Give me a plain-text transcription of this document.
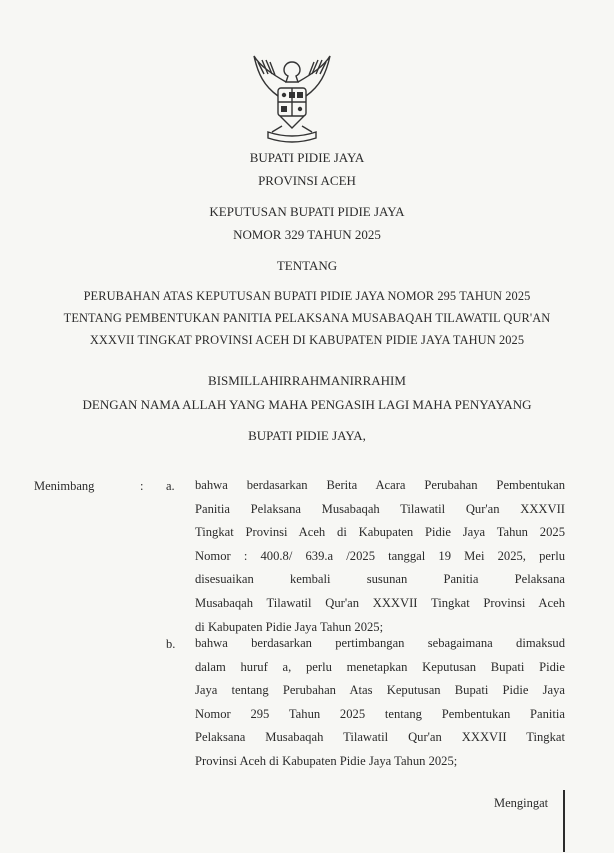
BUPATI PIDIE JAYA
PROVINSI ACEH
KEPUTUSAN BUPATI PIDIE JAYA
NOMOR 329 TAHUN 2025
TENTANG
PERUBAHAN ATAS KEPUTUSAN BUPATI PIDIE JAYA NOMOR 295 TAHUN 2025
TENTANG PEMBENTUKAN PANITIA PELAKSANA MUSABAQAH TILAWATIL QUR'AN
XXXVII TINGKAT PROVINSI ACEH DI KABUPATEN PIDIE JAYA TAHUN 2025
BISMILLAHIRRAHMANIRRAHIM
DENGAN NAMA ALLAH YANG MAHA PENGASIH LAGI MAHA PENYAYANG
BUPATI PIDIE JAYA,
Menimbang	: a. bahwa berdasarkan Berita Acara Perubahan Pembentukan
Panitia Pelaksana Musabaqah Tilawatil Qur'an XXXVII
Tingkat Provinsi Aceh di Kabupaten Pidie Jaya Tahun 2025
Nomor : 400.8/ 639.a /2025 tanggal 19 Mei 2025, perlu
disesuaikan kembali susunan Panitia Pelaksana
Musabaqah Tilawatil Qur'an XXXVII Tingkat Provinsi Aceh
di Kabupaten Pidie Jaya Tahun 2025;
b. bahwa berdasarkan pertimbangan sebagaimana dimaksud
dalam huruf a, perlu menetapkan Keputusan Bupati Pidie
Jaya tentang Perubahan Atas Keputusan Bupati Pidie Jaya
Nomor 295 Tahun 2025 tentang Pembentukan Panitia
Pelaksana Musabaqah Tilawatil Qur'an XXXVII Tingkat
Provinsi Aceh di Kabupaten Pidie Jaya Tahun 2025;
Mengingat
